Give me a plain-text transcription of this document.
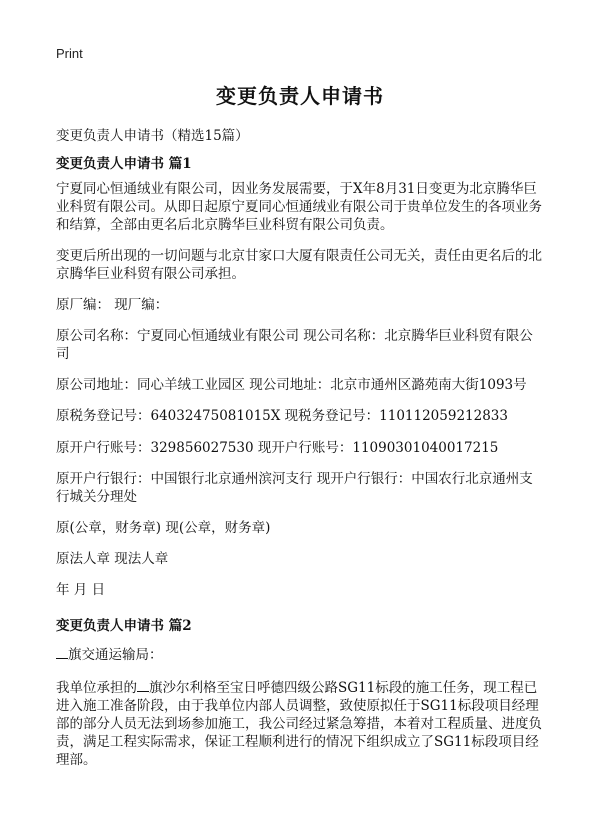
Print
变更负责人申请书
变更负责人申请书（精选15篇）
变更负责人申请书 篇1
宁夏同心恒通绒业有限公司，因业务发展需要，于X年8月31日变更为北京腾华巨业科贸有限公司。从即日起原宁夏同心恒通绒业有限公司于贵单位发生的各项业务和结算，全部由更名后北京腾华巨业科贸有限公司负责。
变更后所出现的一切问题与北京甘家口大厦有限责任公司无关，责任由更名后的北京腾华巨业科贸有限公司承担。
原厂编： 现厂编：
原公司名称：宁夏同心恒通绒业有限公司 现公司名称：北京腾华巨业科贸有限公司
原公司地址：同心羊绒工业园区 现公司地址：北京市通州区潞苑南大街1093号
原税务登记号：64032475081015X 现税务登记号：110112059212833
原开户行账号：329856027530 现开户行账号：11090301040017215
原开户行银行：中国银行北京通州滨河支行 现开户行银行：中国农行北京通州支行城关分理处
原(公章，财务章) 现(公章，财务章)
原法人章 现法人章
年 月 日
变更负责人申请书 篇2
旗交通运输局：
我单位承担的 旗沙尔利格至宝日呼德四级公路SG11标段的施工任务，现工程已进入施工准备阶段，由于我单位内部人员调整，致使原拟任于SG11标段项目经理部的部分人员无法到场参加施工，我公司经过紧急筹措，本着对工程质量、进度负责，满足工程实际需求，保证工程顺利进行的情况下组织成立了SG11标段项目经理部。
